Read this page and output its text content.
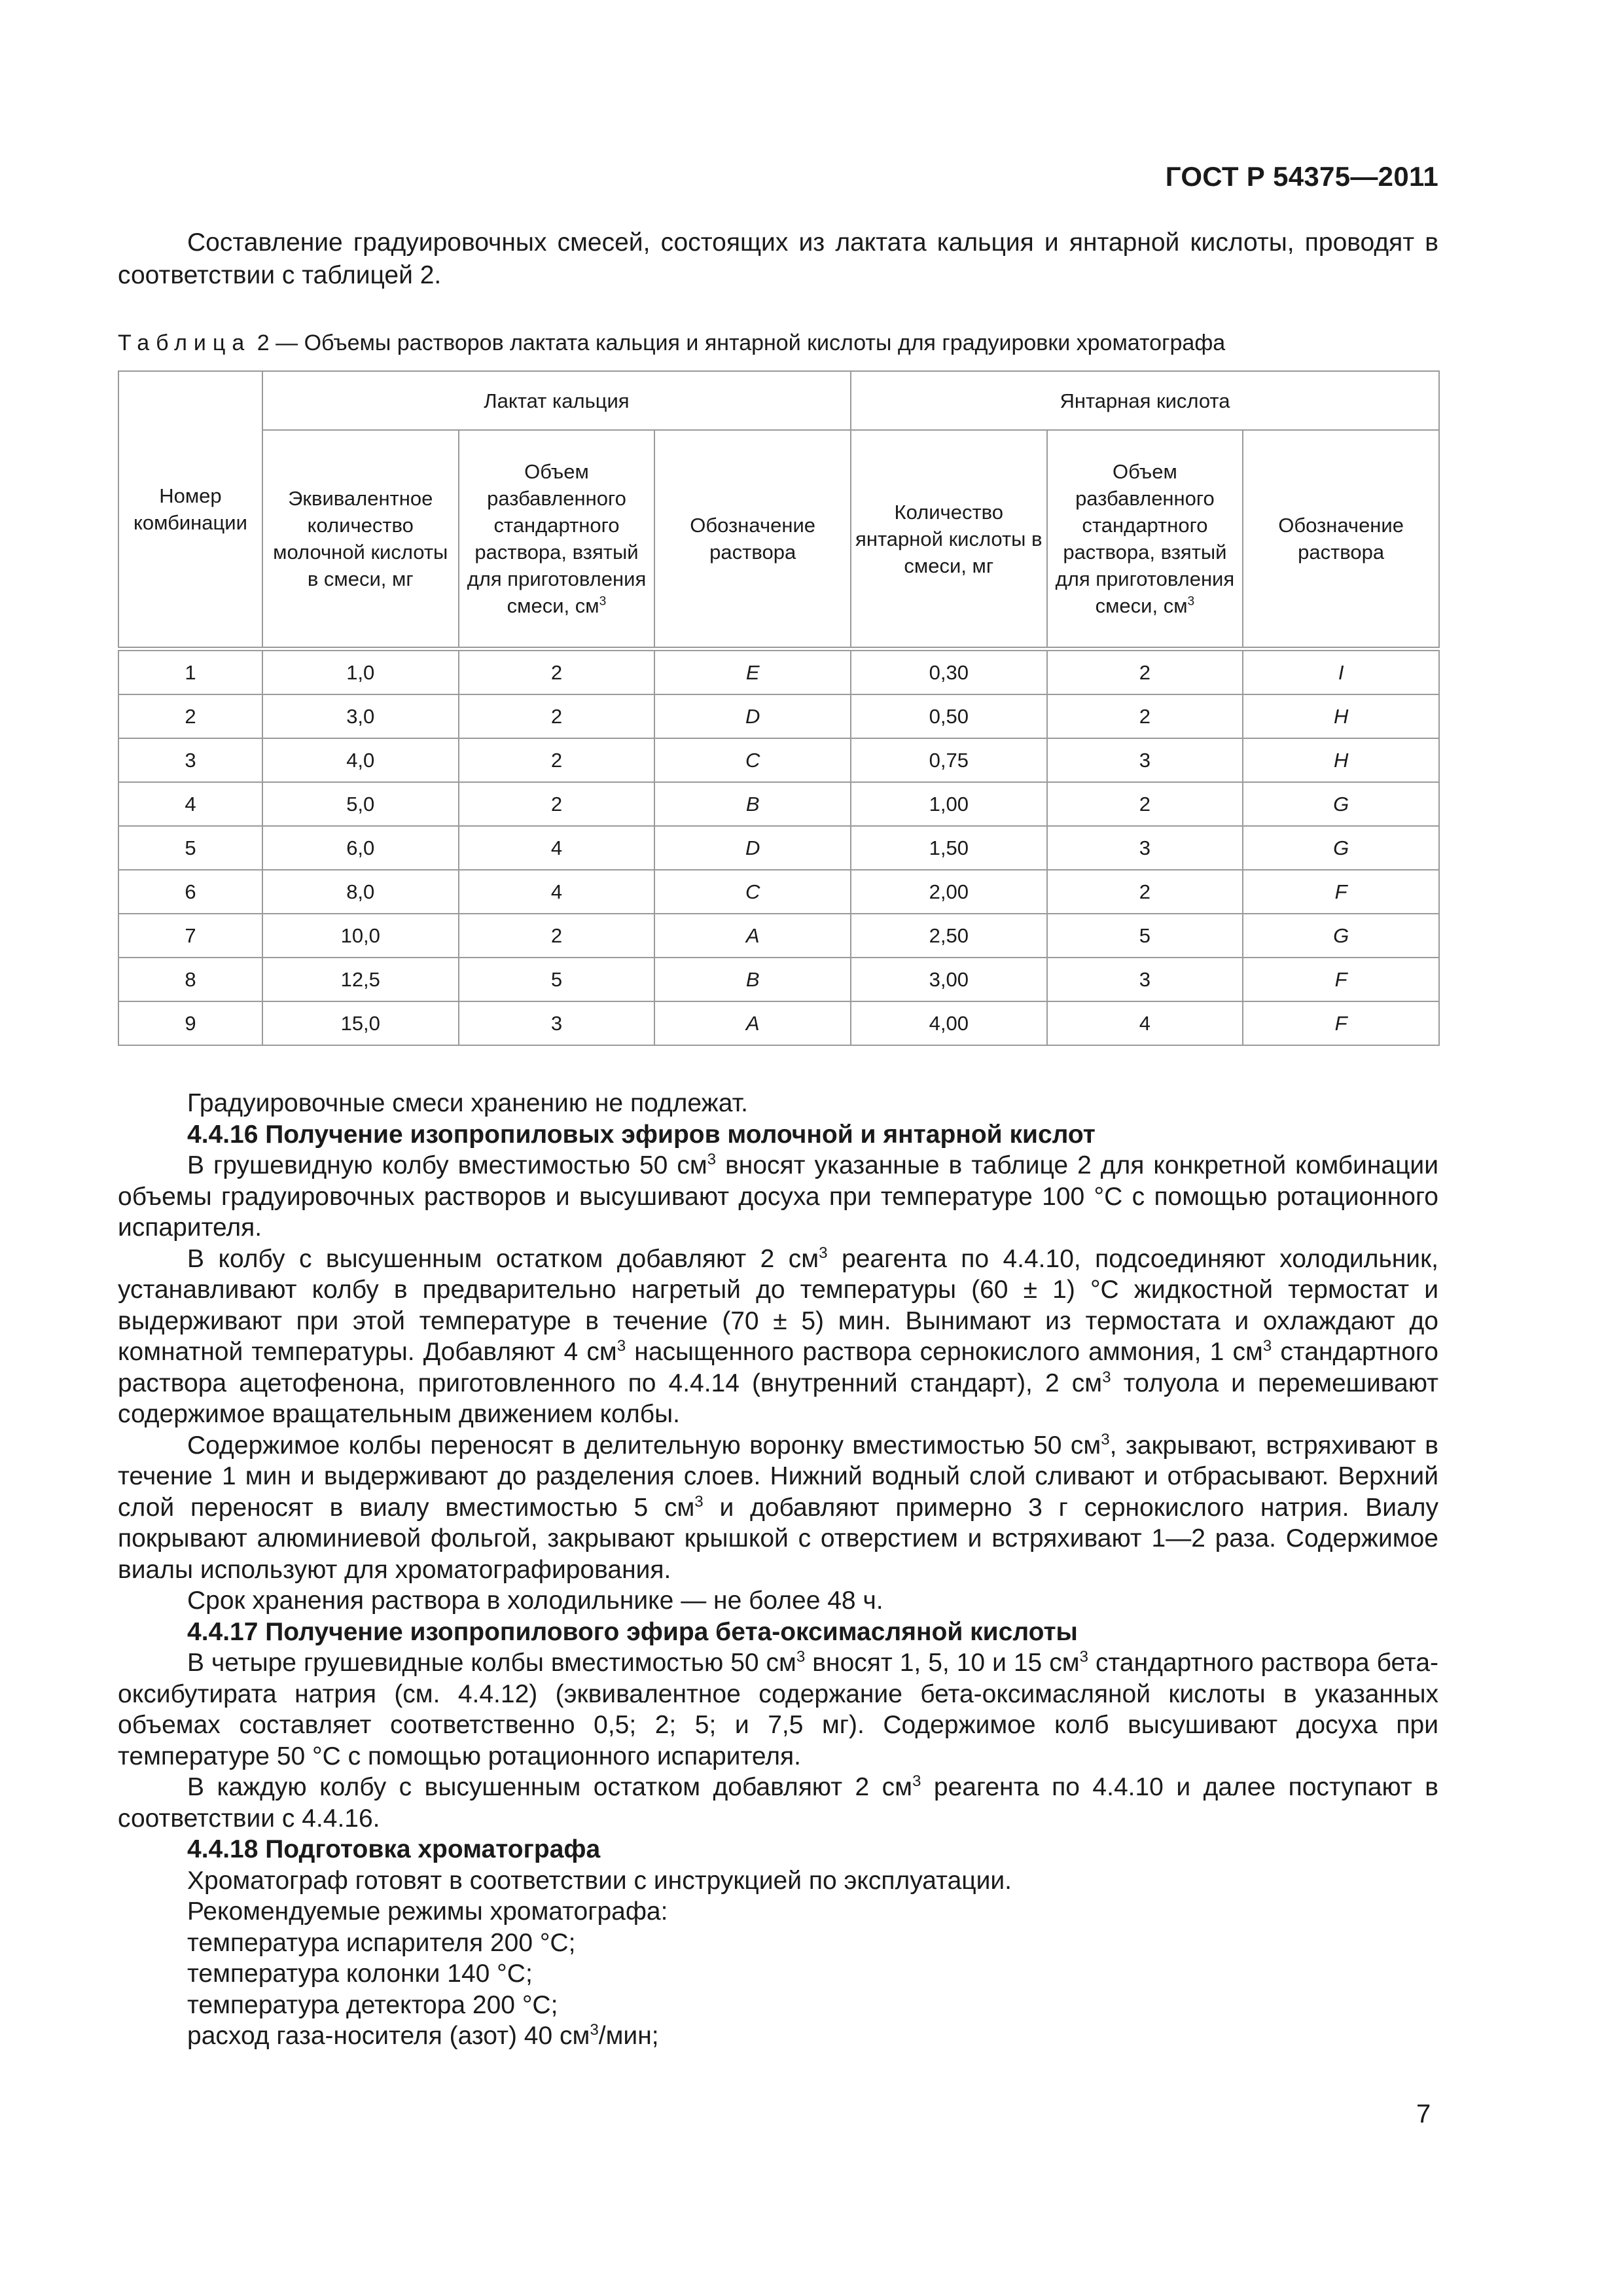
ГОСТ Р 54375—2011
Составление градуировочных смесей, состоящих из лактата кальция и янтарной кислоты, проводят в соответствии с таблицей 2.
Таблица 2 — Объемы растворов лактата кальция и янтарной кислоты для градуировки хроматографа
Номер комбинации	Лактат кальция			Янтарная кислота		
	Эквивалентное количество молочной кислоты в смеси, мг	Объем разбавленного стандартного раствора, взятый для приготовления смеси, $см^3$	Обозначение раствора	Количество янтарной кислоты в смеси, мг	Объем разбавленного стандартного раствора, взятый для приготовления смеси, $см^3$	Обозначение раствора
1	1,0	2	E	0,30	2	I
2	3,0	2	D	0,50	2	H
3	4,0	2	C	0,75	3	H
4	5,0	2	B	1,00	2	G
5	6,0	4	D	1,50	3	G
6	8,0	4	C	2,00	2	F
7	10,0	2	A	2,50	5	G
8	12,5	5	B	3,00	3	F
9	15,0	3	A	4,00	4	F

Градуировочные смеси хранению не подлежат.

4.4.16 Получение изопропиловых эфиров молочной и янтарной кислот

В грушевидную колбу вместимостью 50 $см^3$ вносят указанные в таблице 2 для конкретной комбинации объемы градуировочных растворов и высушивают досуха при температуре 100 °С с помощью ротационного испарителя.

В колбу с высушенным остатком добавляют 2 $см^3$ реагента по 4.4.10, подсоединяют холодильник, устанавливают колбу в предварительно нагретый до температуры (60 ± 1) °С жидкостной термостат и выдерживают при этой температуре в течение (70 ± 5) мин. Вынимают из термостата и охлаждают до комнатной температуры. Добавляют 4 $см^3$ насыщенного раствора сернокислого аммония, 1 $см^3$ стандартного раствора ацетофенона, приготовленного по 4.4.14 (внутренний стандарт), 2 $см^3$ толуола и перемешивают содержимое вращательным движением колбы.

Содержимое колбы переносят в делительную воронку вместимостью 50 $см^3$, закрывают, встряхивают в течение 1 мин и выдерживают до разделения слоев. Нижний водный слой сливают и отбрасывают. Верхний слой переносят в виалу вместимостью 5 $см^3$ и добавляют примерно 3 г сернокислого натрия. Виалу покрывают алюминиевой фольгой, закрывают крышкой с отверстием и встряхивают 1—2 раза. Содержимое виалы используют для хроматографирования.

Срок хранения раствора в холодильнике — не более 48 ч.

4.4.17 Получение изопропилового эфира бета-оксимасляной кислоты

В четыре грушевидные колбы вместимостью 50 $см^3$ вносят 1, 5, 10 и 15 $см^3$ стандартного раствора бета-оксибутирата натрия (см. 4.4.12) (эквивалентное содержание бета-оксимасляной кислоты в указанных объемах составляет соответственно 0,5; 2; 5; и 7,5 мг). Содержимое колб высушивают досуха при температуре 50 °С с помощью ротационного испарителя.

В каждую колбу с высушенным остатком добавляют 2 $см^3$ реагента по 4.4.10 и далее поступают в соответствии с 4.4.16.

4.4.18 Подготовка хроматографа

Хроматограф готовят в соответствии с инструкцией по эксплуатации.

Рекомендуемые режимы хроматографа:

температура испарителя 200 °С;

температура колонки 140 °С;

температура детектора 200 °С;

расход газа-носителя (азот) 40 $см^3$/мин;

7
